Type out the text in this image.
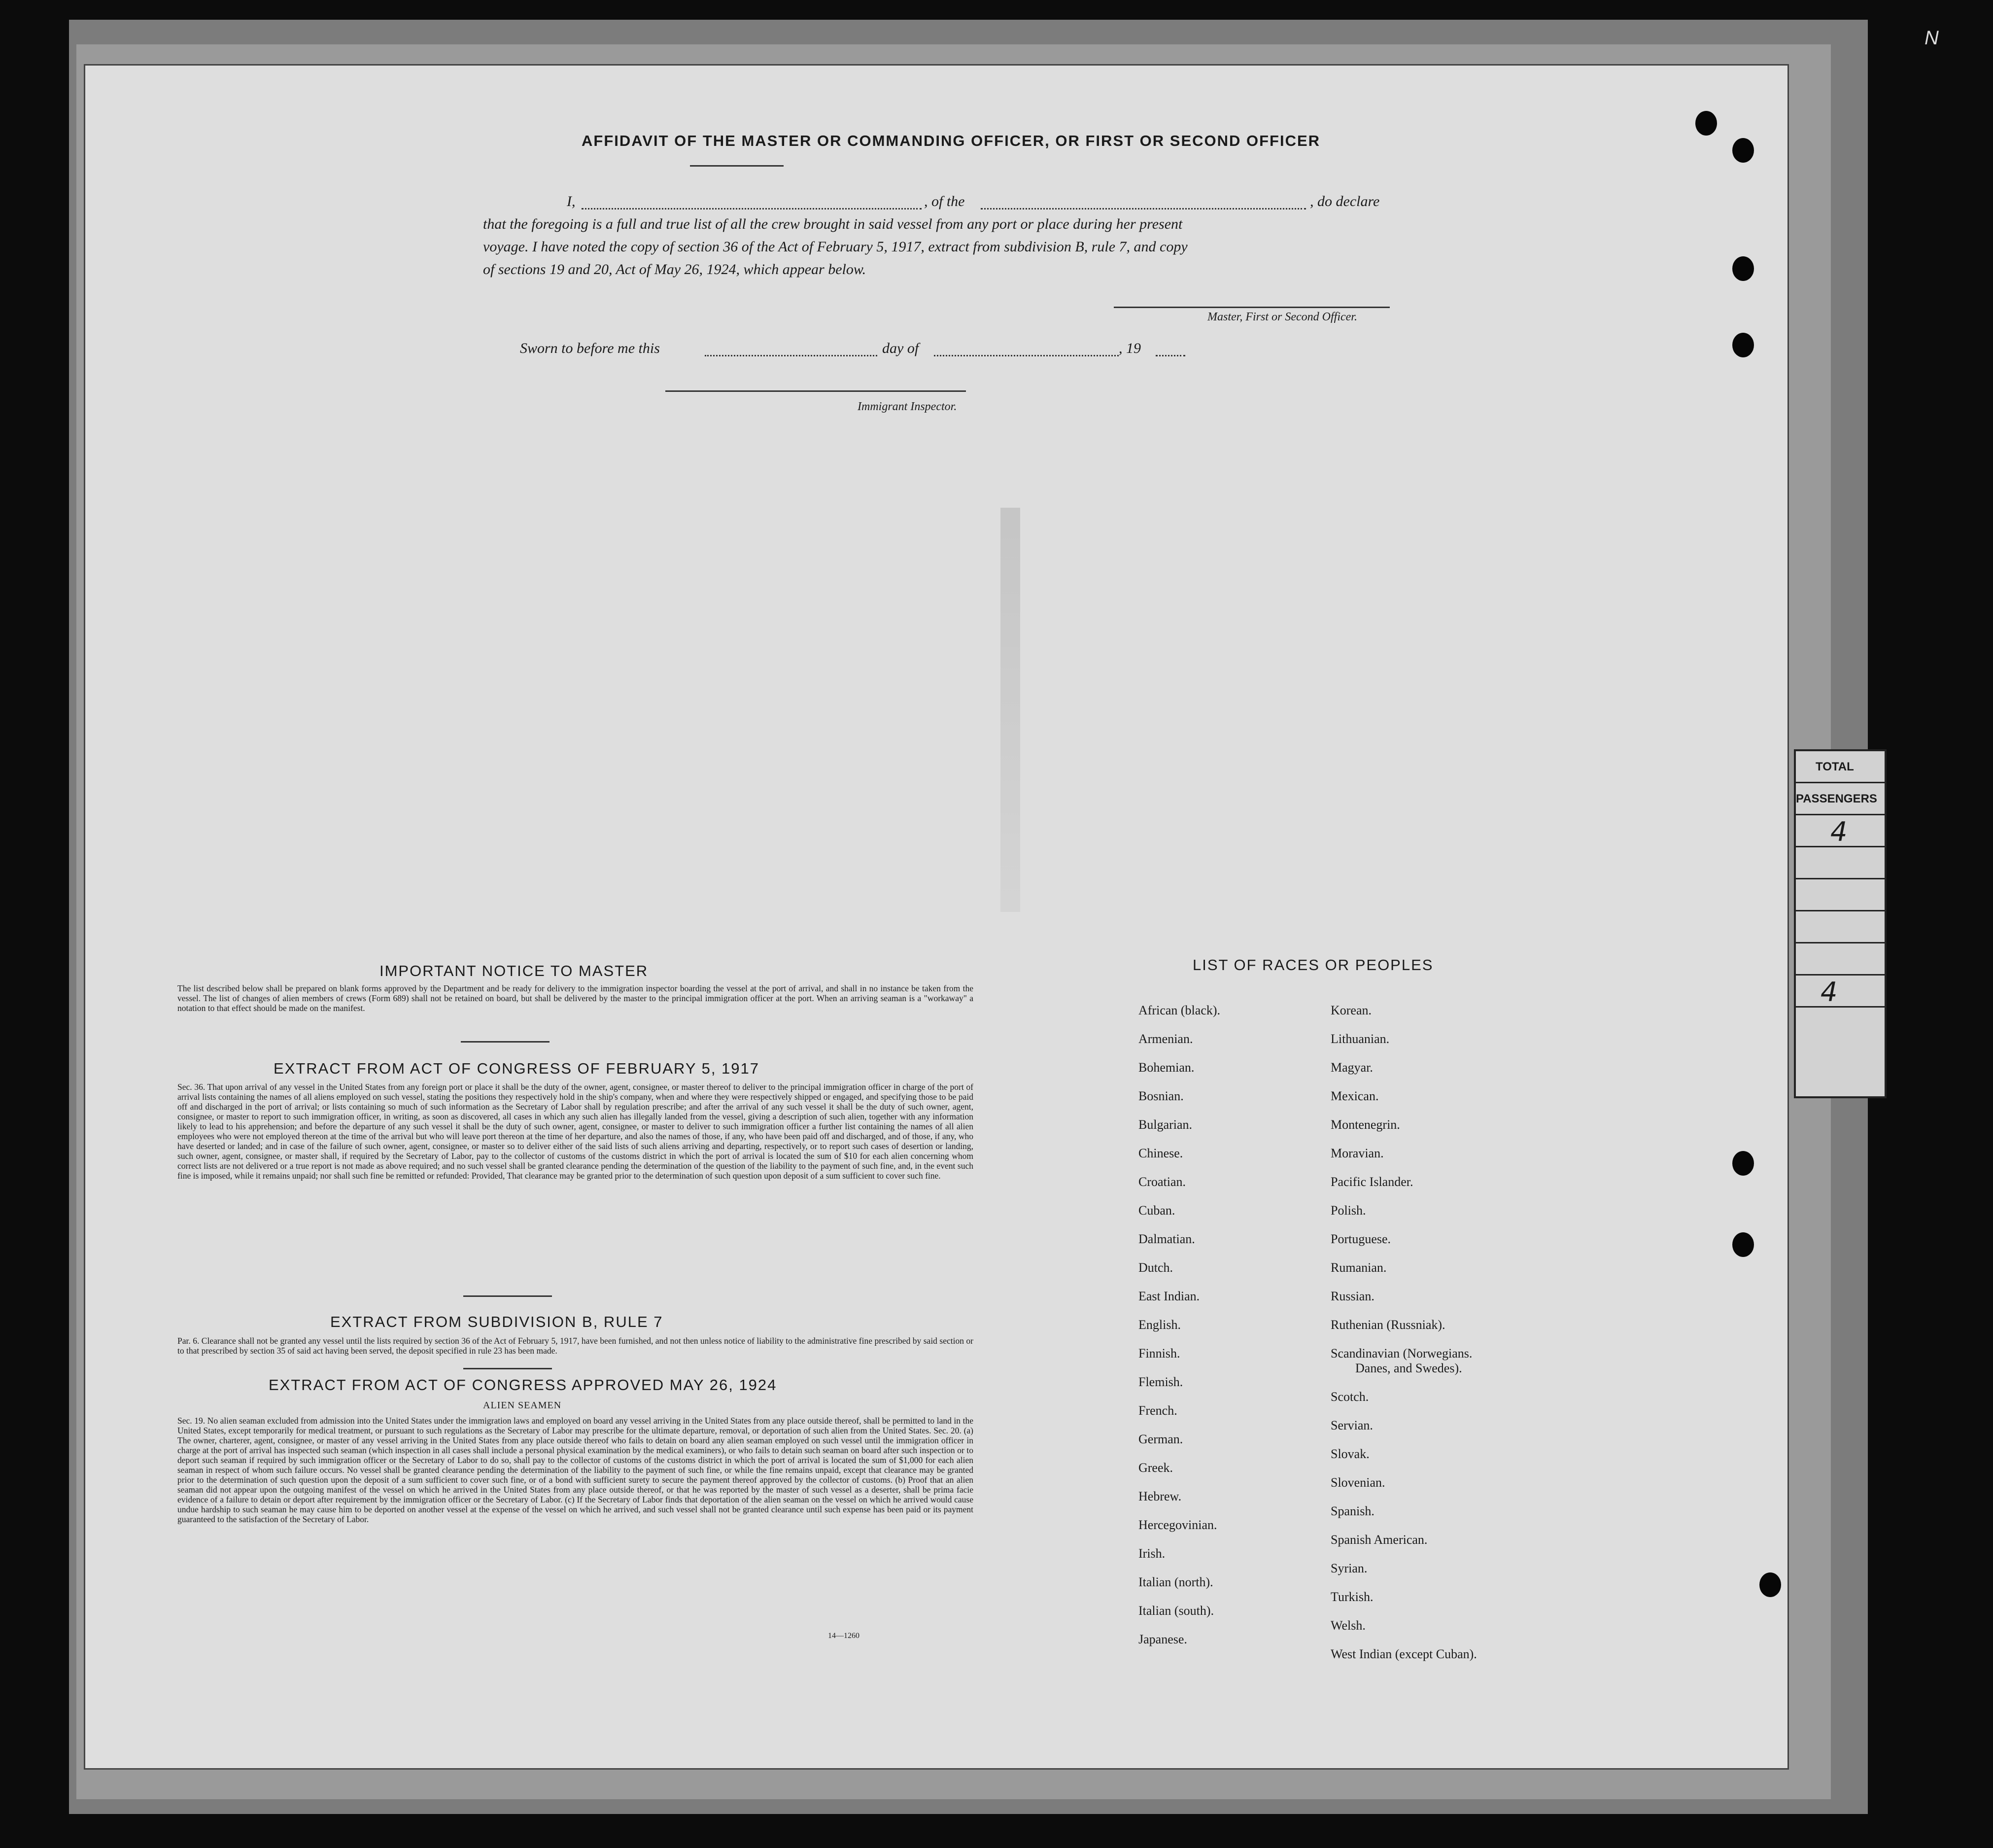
N
AFFIDAVIT OF THE MASTER OR COMMANDING OFFICER, OR FIRST OR SECOND OFFICER
I,	, of the	, do declare
that the foregoing is a full and true list of all the crew brought in said vessel from any port or place during her present
voyage. I have noted the copy of section 36 of the Act of February 5, 1917, extract from subdivision B, rule 7, and copy
of sections 19 and 20, Act of May 26, 1924, which appear below.
Master, First or Second Officer.
Sworn to before me this	day of	, 19
Immigrant Inspector.
IMPORTANT NOTICE TO MASTER
The list described below shall be prepared on blank forms approved by the Department and be ready for delivery to the immigration inspector boarding the vessel at the port of arrival, and shall in no instance be taken from the vessel. The list of changes of alien members of crews (Form 689) shall not be retained on board, but shall be delivered by the master to the principal immigration officer at the port. When an arriving seaman is a "workaway" a notation to that effect should be made on the manifest.
EXTRACT FROM ACT OF CONGRESS OF FEBRUARY 5, 1917
Sec. 36. That upon arrival of any vessel in the United States from any foreign port or place it shall be the duty of the owner, agent, consignee, or master thereof to deliver to the principal immigration officer in charge of the port of arrival lists containing the names of all aliens employed on such vessel, stating the positions they respectively hold in the ship's company, when and where they were respectively shipped or engaged, and specifying those to be paid off and discharged in the port of arrival; or lists containing so much of such information as the Secretary of Labor shall by regulation prescribe; and after the arrival of any such vessel it shall be the duty of such owner, agent, consignee, or master to report to such immigration officer, in writing, as soon as discovered, all cases in which any such alien has illegally landed from the vessel, giving a description of such alien, together with any information likely to lead to his apprehension; and before the departure of any such vessel it shall be the duty of such owner, agent, consignee, or master to deliver to such immigration officer a further list containing the names of all alien employees who were not employed thereon at the time of the arrival but who will leave port thereon at the time of her departure, and also the names of those, if any, who have been paid off and discharged, and of those, if any, who have deserted or landed; and in case of the failure of such owner, agent, consignee, or master so to deliver either of the said lists of such aliens arriving and departing, respectively, or to report such cases of desertion or landing, such owner, agent, consignee, or master shall, if required by the Secretary of Labor, pay to the collector of customs of the customs district in which the port of arrival is located the sum of $10 for each alien concerning whom correct lists are not delivered or a true report is not made as above required; and no such vessel shall be granted clearance pending the determination of the question of the liability to the payment of such fine, and, in the event such fine is imposed, while it remains unpaid; nor shall such fine be remitted or refunded: Provided, That clearance may be granted prior to the determination of such question upon deposit of a sum sufficient to cover such fine.
EXTRACT FROM SUBDIVISION B, RULE 7
Par. 6. Clearance shall not be granted any vessel until the lists required by section 36 of the Act of February 5, 1917, have been furnished, and not then unless notice of liability to the administrative fine prescribed by said section or to that prescribed by section 35 of said act having been served, the deposit specified in rule 23 has been made.
EXTRACT FROM ACT OF CONGRESS APPROVED MAY 26, 1924
ALIEN SEAMEN
Sec. 19. No alien seaman excluded from admission into the United States under the immigration laws and employed on board any vessel arriving in the United States from any place outside thereof, shall be permitted to land in the United States, except temporarily for medical treatment, or pursuant to such regulations as the Secretary of Labor may prescribe for the ultimate departure, removal, or deportation of such alien from the United States. Sec. 20. (a) The owner, charterer, agent, consignee, or master of any vessel arriving in the United States from any place outside thereof who fails to detain on board any alien seaman employed on such vessel until the immigration officer in charge at the port of arrival has inspected such seaman (which inspection in all cases shall include a personal physical examination by the medical examiners), or who fails to detain such seaman on board after such inspection or to deport such seaman if required by such immigration officer or the Secretary of Labor to do so, shall pay to the collector of customs of the customs district in which the port of arrival is located the sum of $1,000 for each alien seaman in respect of whom such failure occurs. No vessel shall be granted clearance pending the determination of the liability to the payment of such fine, or while the fine remains unpaid, except that clearance may be granted prior to the determination of such question upon the deposit of a sum sufficient to cover such fine, or of a bond with sufficient surety to secure the payment thereof approved by the collector of customs. (b) Proof that an alien seaman did not appear upon the outgoing manifest of the vessel on which he arrived in the United States from any place outside thereof, or that he was reported by the master of such vessel as a deserter, shall be prima facie evidence of a failure to detain or deport after requirement by the immigration officer or the Secretary of Labor. (c) If the Secretary of Labor finds that deportation of the alien seaman on the vessel on which he arrived would cause undue hardship to such seaman he may cause him to be deported on another vessel at the expense of the vessel on which he arrived, and such vessel shall not be granted clearance until such expense has been paid or its payment guaranteed to the satisfaction of the Secretary of Labor.
14—1260
LIST OF RACES OR PEOPLES
African (black).
Armenian.
Bohemian.
Bosnian.
Bulgarian.
Chinese.
Croatian.
Cuban.
Dalmatian.
Dutch.
East Indian.
English.
Finnish.
Flemish.
French.
German.
Greek.
Hebrew.
Hercegovinian.
Irish.
Italian (north).
Italian (south).
Japanese.
Korean.
Lithuanian.
Magyar.
Mexican.
Montenegrin.
Moravian.
Pacific Islander.
Polish.
Portuguese.
Rumanian.
Russian.
Ruthenian (Russniak).
Scandinavian (Norwegians.
Danes, and Swedes).
Scotch.
Servian.
Slovak.
Slovenian.
Spanish.
Spanish American.
Syrian.
Turkish.
Welsh.
West Indian (except Cuban).
TOTAL
PASSENGERS
4
4
